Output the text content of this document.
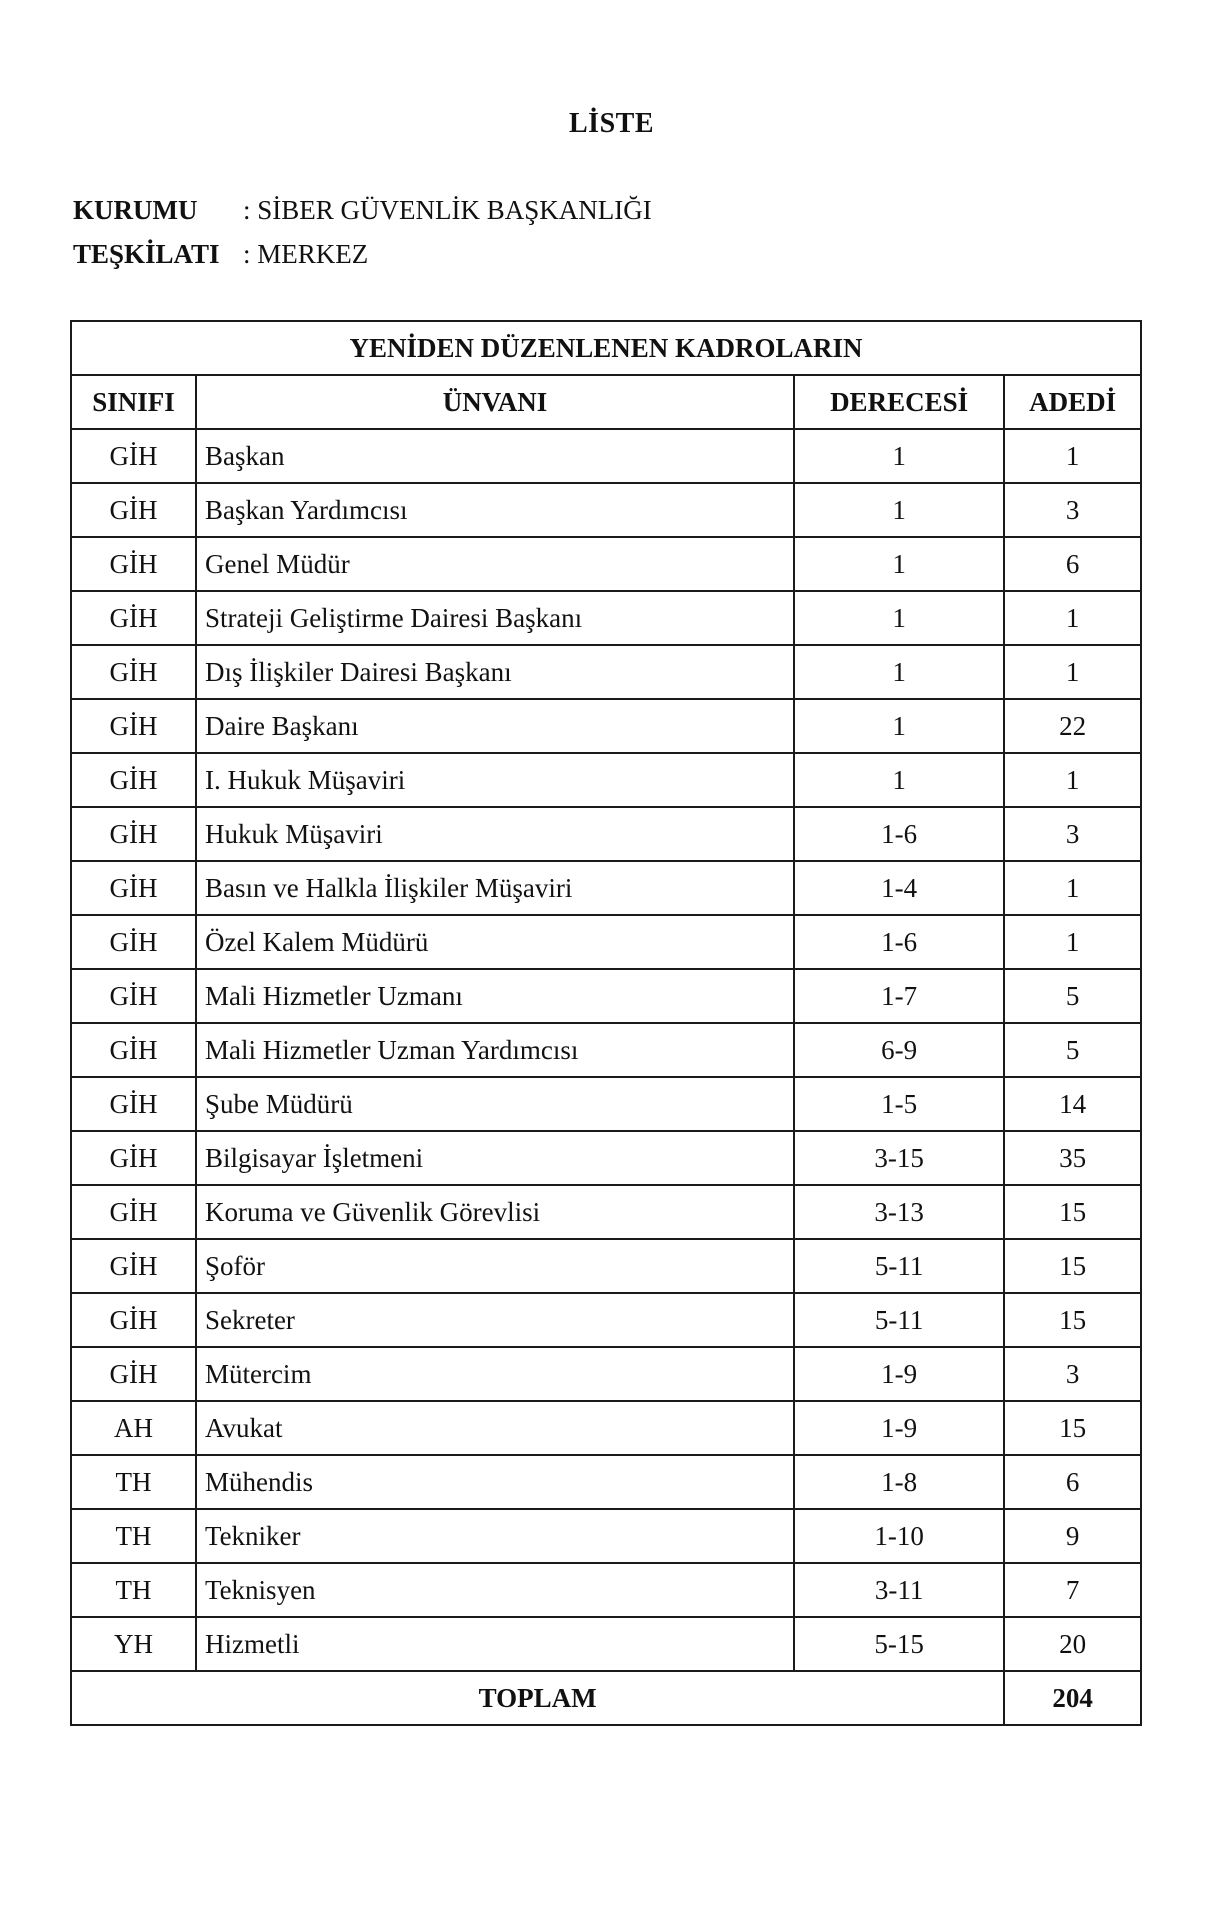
LİSTE
KURUMU : SİBER GÜVENLİK BAŞKANLIĞI
TEŞKİLATI : MERKEZ
YENİDEN DÜZENLENEN KADROLARIN			
SINIFI	ÜNVANI	DERECESİ	ADEDİ
GİH	Başkan	1	1
GİH	Başkan Yardımcısı	1	3
GİH	Genel Müdür	1	6
GİH	Strateji Geliştirme Dairesi Başkanı	1	1
GİH	Dış İlişkiler Dairesi Başkanı	1	1
GİH	Daire Başkanı	1	22
GİH	I. Hukuk Müşaviri	1	1
GİH	Hukuk Müşaviri	1-6	3
GİH	Basın ve Halkla İlişkiler Müşaviri	1-4	1
GİH	Özel Kalem Müdürü	1-6	1
GİH	Mali Hizmetler Uzmanı	1-7	5
GİH	Mali Hizmetler Uzman Yardımcısı	6-9	5
GİH	Şube Müdürü	1-5	14
GİH	Bilgisayar İşletmeni	3-15	35
GİH	Koruma ve Güvenlik Görevlisi	3-13	15
GİH	Şoför	5-11	15
GİH	Sekreter	5-11	15
GİH	Mütercim	1-9	3
AH	Avukat	1-9	15
TH	Mühendis	1-8	6
TH	Tekniker	1-10	9
TH	Teknisyen	3-11	7
YH	Hizmetli	5-15	20
TOPLAM			204
